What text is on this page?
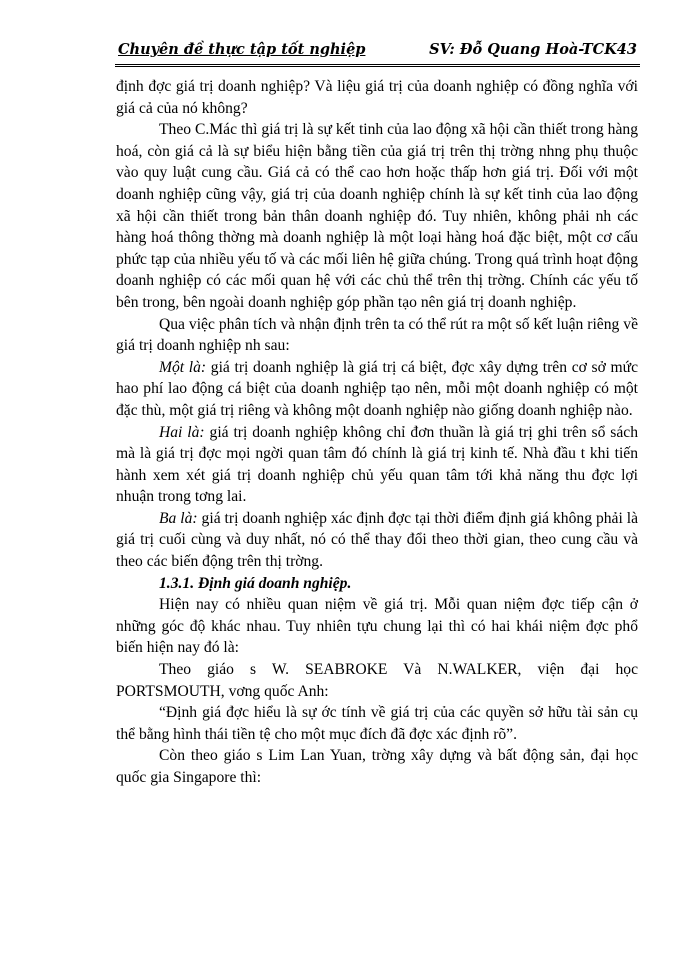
Chuyên đề thực tập tốt nghiệp	SV: Đỗ Quang Hoà-TCK43

định đợc giá trị doanh nghiệp? Và liệu giá trị của doanh nghiệp có đồng nghĩa với giá cả của nó không?

Theo C.Mác thì giá trị là sự kết tinh của lao động xã hội cần thiết trong hàng hoá, còn giá cả là sự biểu hiện bằng tiền của giá trị trên thị trờng nhng phụ thuộc vào quy luật cung cầu. Giá cả có thể cao hơn hoặc thấp hơn giá trị. Đối với một doanh nghiệp cũng vậy, giá trị của doanh nghiệp chính là sự kết tinh của lao động xã hội cần thiết trong bản thân doanh nghiệp đó. Tuy nhiên, không phải nh các hàng hoá thông thờng mà doanh nghiệp là một loại hàng hoá đặc biệt, một cơ cấu phức tạp của nhiều yếu tố và các mối liên hệ giữa chúng. Trong quá trình hoạt động doanh nghiệp có các mối quan hệ với các chủ thể trên thị trờng. Chính các yếu tố bên trong, bên ngoài doanh nghiệp góp phần tạo nên giá trị doanh nghiệp.

Qua việc phân tích và nhận định trên ta có thể rút ra một số kết luận riêng về giá trị doanh nghiệp nh sau:

Một là: giá trị doanh nghiệp là giá trị cá biệt, đợc xây dựng trên cơ sở mức hao phí lao động cá biệt của doanh nghiệp tạo nên, mỗi một doanh nghiệp có một đặc thù, một giá trị riêng và không một doanh nghiệp nào giống doanh nghiệp nào.

Hai là: giá trị doanh nghiệp không chỉ đơn thuần là giá trị ghi trên sổ sách mà là giá trị đợc mọi ngời quan tâm đó chính là giá trị kinh tế. Nhà đầu t khi tiến hành xem xét giá trị doanh nghiệp chủ yếu quan tâm tới khả năng thu đợc lợi nhuận trong tơng lai.

Ba là: giá trị doanh nghiệp xác định đợc tại thời điểm định giá không phải là giá trị cuối cùng và duy nhất, nó có thể thay đổi theo thời gian, theo cung cầu và theo các biến động trên thị trờng.

1.3.1. Định giá doanh nghiệp.

Hiện nay có nhiều quan niệm về giá trị. Mỗi quan niệm đợc tiếp cận ở những góc độ khác nhau. Tuy nhiên tựu chung lại thì có hai khái niệm đợc phổ biến hiện nay đó là:

Theo giáo s W. SEABROKE Và N.WALKER, viện đại học PORTSMOUTH, vơng quốc Anh:

“Định giá đợc hiểu là sự ớc tính về giá trị của các quyền sở hữu tài sản cụ thể bằng hình thái tiền tệ cho một mục đích đã đợc xác định rõ”.

Còn theo giáo s Lim Lan Yuan, trờng xây dựng và bất động sản, đại học quốc gia Singapore thì:
